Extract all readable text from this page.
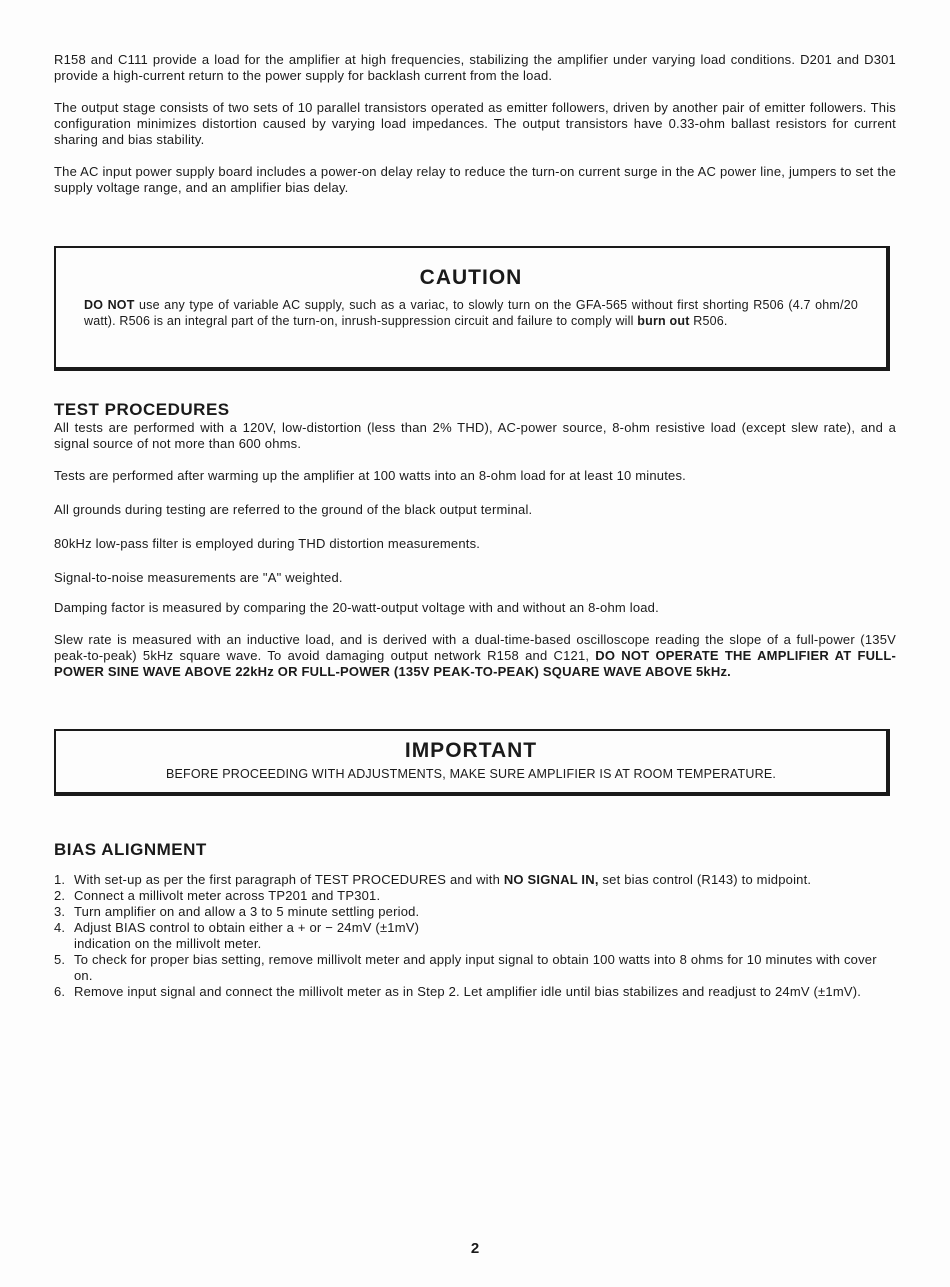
R158 and C111 provide a load for the amplifier at high frequencies, stabilizing the amplifier under varying load conditions. D201 and D301 provide a high-current return to the power supply for backlash current from the load.

The output stage consists of two sets of 10 parallel transistors operated as emitter followers, driven by another pair of emitter followers. This configuration minimizes distortion caused by varying load impedances. The output transistors have 0.33-ohm ballast resistors for current sharing and bias stability.

The AC input power supply board includes a power-on delay relay to reduce the turn-on current surge in the AC power line, jumpers to set the supply voltage range, and an amplifier bias delay.

CAUTION

DO NOT use any type of variable AC supply, such as a variac, to slowly turn on the GFA-565 without first shorting R506 (4.7 ohm/20 watt). R506 is an integral part of the turn-on, inrush-suppression circuit and failure to comply will burn out R506.

TEST PROCEDURES

All tests are performed with a 120V, low-distortion (less than 2% THD), AC-power source, 8-ohm resistive load (except slew rate), and a signal source of not more than 600 ohms.

Tests are performed after warming up the amplifier at 100 watts into an 8-ohm load for at least 10 minutes.

All grounds during testing are referred to the ground of the black output terminal.

80kHz low-pass filter is employed during THD distortion measurements.

Signal-to-noise measurements are "A" weighted.

Damping factor is measured by comparing the 20-watt-output voltage with and without an 8-ohm load.

Slew rate is measured with an inductive load, and is derived with a dual-time-based oscilloscope reading the slope of a full-power (135V peak-to-peak) 5kHz square wave. To avoid damaging output network R158 and C121, DO NOT OPERATE THE AMPLIFIER AT FULL-POWER SINE WAVE ABOVE 22kHz OR FULL-POWER (135V PEAK-TO-PEAK) SQUARE WAVE ABOVE 5kHz.

IMPORTANT

BEFORE PROCEEDING WITH ADJUSTMENTS, MAKE SURE AMPLIFIER IS AT ROOM TEMPERATURE.

BIAS ALIGNMENT
1. With set-up as per the first paragraph of TEST PROCEDURES and with NO SIGNAL IN, set bias control (R143) to midpoint.
2. Connect a millivolt meter across TP201 and TP301.
3. Turn amplifier on and allow a 3 to 5 minute settling period.
4. Adjust BIAS control to obtain either a + or − 24mV (±1mV)
indication on the millivolt meter.
5. To check for proper bias setting, remove millivolt meter and apply input signal to obtain 100 watts into 8 ohms for 10 minutes with cover on.
6. Remove input signal and connect the millivolt meter as in Step 2. Let amplifier idle until bias stabilizes and readjust to 24mV (±1mV).
2
